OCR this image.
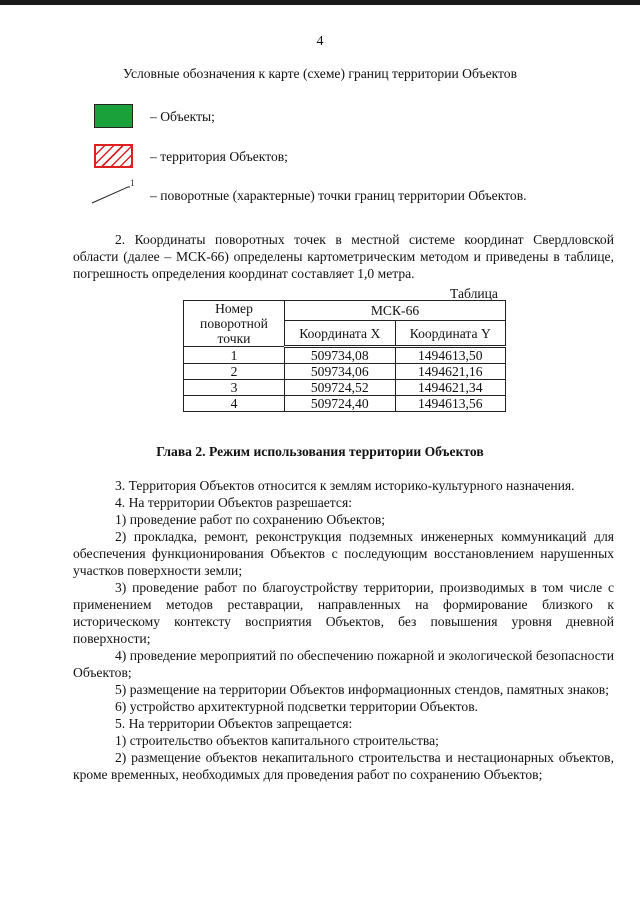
4
Условные обозначения к карте (схеме) границ территории Объектов
– Объекты;
– территория Объектов;
1
– поворотные (характерные) точки границ территории Объектов.
2. Координаты поворотных точек в местной системе координат Свердловской области (далее – МСК-66) определены картометрическим методом и приведены в таблице, погрешность определения координат составляет 1,0 метра.
Таблица
Номер поворотной точки	МСК-66	
	Координата X	Координата Y
1	509734,08	1494613,50
2	509734,06	1494621,16
3	509724,52	1494621,34
4	509724,40	1494613,56
Глава 2. Режим использования территории Объектов

3. Территория Объектов относится к землям историко-культурного назначения.

4. На территории Объектов разрешается:

1) проведение работ по сохранению Объектов;

2) прокладка, ремонт, реконструкция подземных инженерных коммуникаций для обеспечения функционирования Объектов с последующим восстановлением нарушенных участков поверхности земли;

3) проведение работ по благоустройству территории, производимых в том числе с применением методов реставрации, направленных на формирование близкого к историческому контексту восприятия Объектов, без повышения уровня дневной поверхности;

4) проведение мероприятий по обеспечению пожарной и экологической безопасности Объектов;

5) размещение на территории Объектов информационных стендов, памятных знаков;

6) устройство архитектурной подсветки территории Объектов.

5. На территории Объектов запрещается:

1) строительство объектов капитального строительства;

2) размещение объектов некапитального строительства и нестационарных объектов, кроме временных, необходимых для проведения работ по сохранению Объектов;
